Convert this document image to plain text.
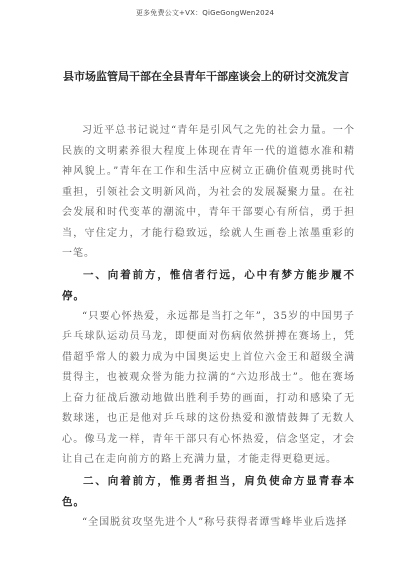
更多免费公文+VX：QiGeGongWen2024
县市场监管局干部在全县青年干部座谈会上的研讨交流发言

习近平总书记说过“青年是引风气之先的社会力量。一个民族的文明素养很大程度上体现在青年一代的道德水准和精神风貌上。”青年在工作和生活中应树立正确价值观勇挑时代重担，引领社会文明新风尚，为社会的发展凝聚力量。在社会发展和时代变革的潮流中，青年干部要心有所信，勇于担当，守住定力，才能行稳致远，绘就人生画卷上浓墨重彩的一笔。

一、向着前方，惟信者行远，心中有梦方能步履不停。

“只要心怀热爱，永远都是当打之年”，35岁的中国男子乒乓球队运动员马龙，即便面对伤病依然拼搏在赛场上，凭借超乎常人的毅力成为中国奥运史上首位六金王和超级全满贯得主，也被观众誉为能力拉满的“六边形战士”。他在赛场上奋力征战后激动地做出胜利手势的画面，打动和感染了无数球迷，也正是他对乒乓球的这份热爱和激情鼓舞了无数人心。像马龙一样，青年干部只有心怀热爱，信念坚定，才会让自己在走向前方的路上充满力量，才能走得更稳更远。

二、向着前方，惟勇者担当，肩负使命方显青春本色。

“全国脱贫攻坚先进个人”称号获得者谭雪峰毕业后选择
